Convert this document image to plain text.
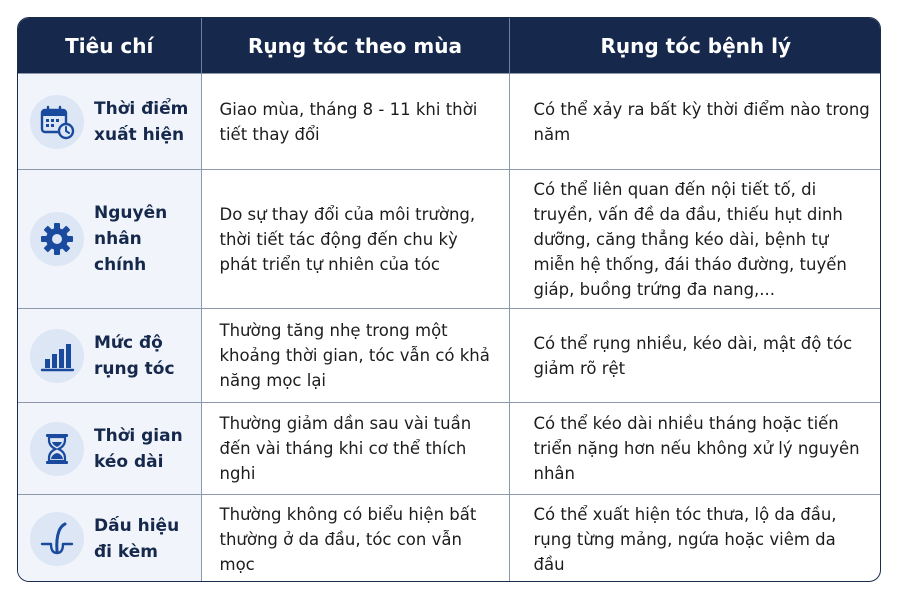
Tiêu chí	Rụng tóc theo mùa	Rụng tóc bệnh lý

Thời điểm xuất hiện	Giao mùa, tháng 8 - 11 khi thời tiết thay đổi	Có thể xảy ra bất kỳ thời điểm nào trong năm

Nguyên nhân chính	Do sự thay đổi của môi trường, thời tiết tác động đến chu kỳ phát triển tự nhiên của tóc	Có thể liên quan đến nội tiết tố, di truyền, vấn đề da đầu, thiếu hụt dinh dưỡng, căng thẳng kéo dài, bệnh tự miễn hệ thống, đái tháo đường, tuyến giáp, buồng trứng đa nang,...

Mức độ rụng tóc	Thường tăng nhẹ trong một khoảng thời gian, tóc vẫn có khả năng mọc lại	Có thể rụng nhiều, kéo dài, mật độ tóc giảm rõ rệt

Thời gian kéo dài	Thường giảm dần sau vài tuần đến vài tháng khi cơ thể thích nghi	Có thể kéo dài nhiều tháng hoặc tiến triển nặng hơn nếu không xử lý nguyên nhân

Dấu hiệu đi kèm	Thường không có biểu hiện bất thường ở da đầu, tóc con vẫn mọc	Có thể xuất hiện tóc thưa, lộ da đầu, rụng từng mảng, ngứa hoặc viêm da đầu
